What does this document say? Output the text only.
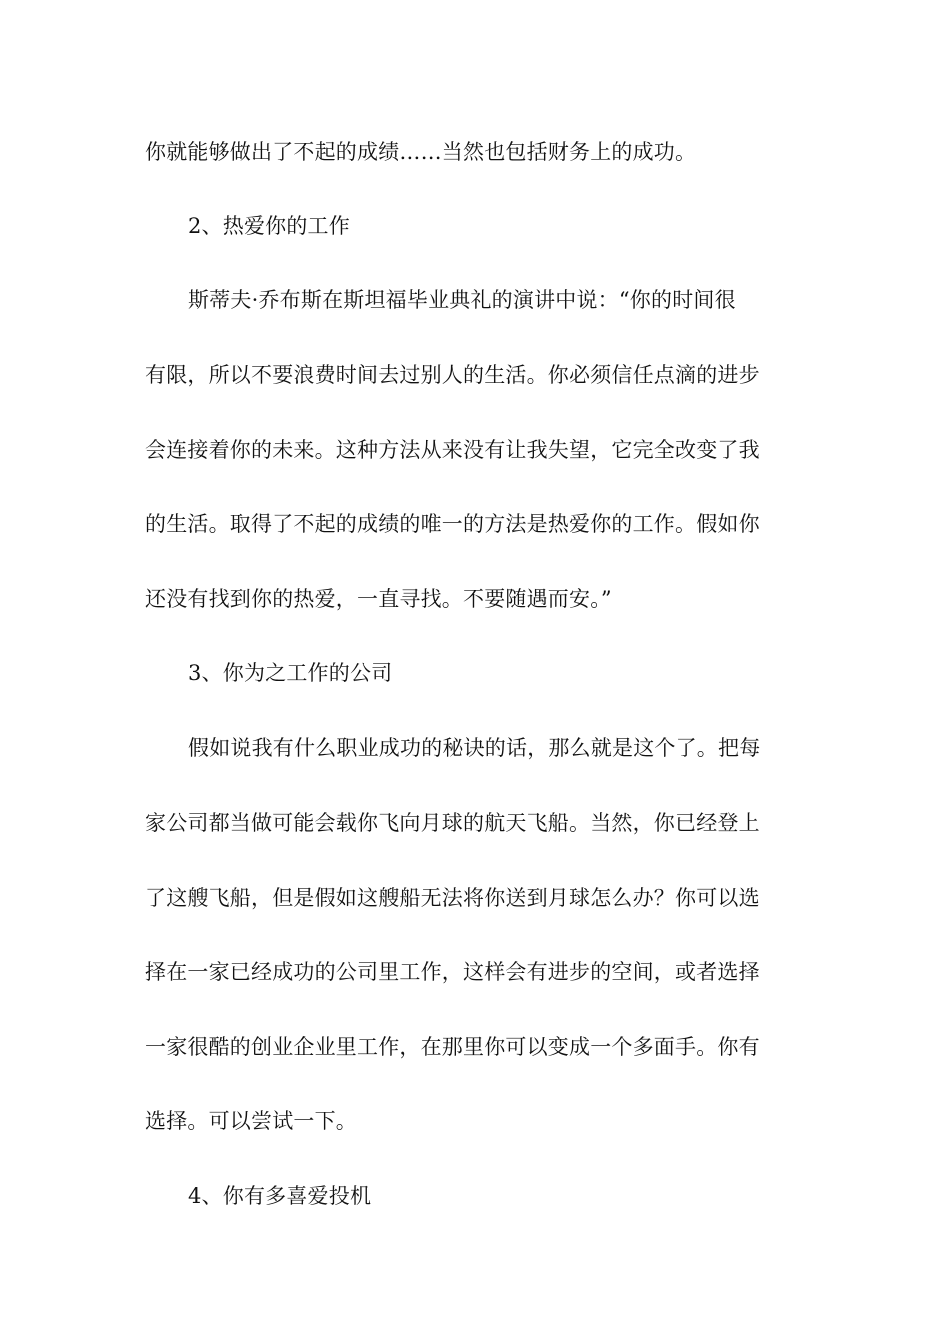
你就能够做出了不起的成绩……当然也包括财务上的成功。
2、热爱你的工作
斯蒂夫·乔布斯在斯坦福毕业典礼的演讲中说：“你的时间很
有限，所以不要浪费时间去过别人的生活。你必须信任点滴的进步
会连接着你的未来。这种方法从来没有让我失望，它完全改变了我
的生活。取得了不起的成绩的唯一的方法是热爱你的工作。假如你
还没有找到你的热爱，一直寻找。不要随遇而安。”
3、你为之工作的公司
假如说我有什么职业成功的秘诀的话，那么就是这个了。把每
家公司都当做可能会载你飞向月球的航天飞船。当然，你已经登上
了这艘飞船，但是假如这艘船无法将你送到月球怎么办？你可以选
择在一家已经成功的公司里工作，这样会有进步的空间，或者选择
一家很酷的创业企业里工作，在那里你可以变成一个多面手。你有
选择。可以尝试一下。
4、你有多喜爱投机
